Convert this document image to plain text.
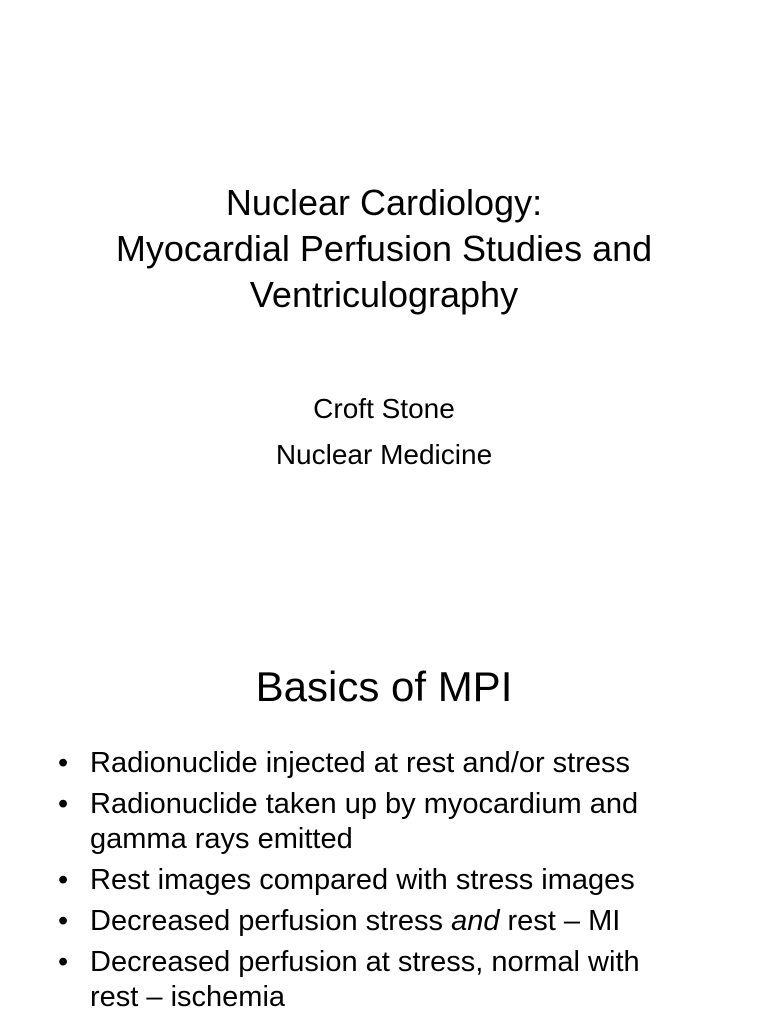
Nuclear Cardiology:
Myocardial Perfusion Studies and
Ventriculography
Croft Stone
Nuclear Medicine
Basics of MPI
• Radionuclide injected at rest and/or stress
• Radionuclide taken up by myocardium and
gamma rays emitted
• Rest images compared with stress images
• Decreased perfusion stress and rest – MI
• Decreased perfusion at stress, normal with
rest – ischemia
